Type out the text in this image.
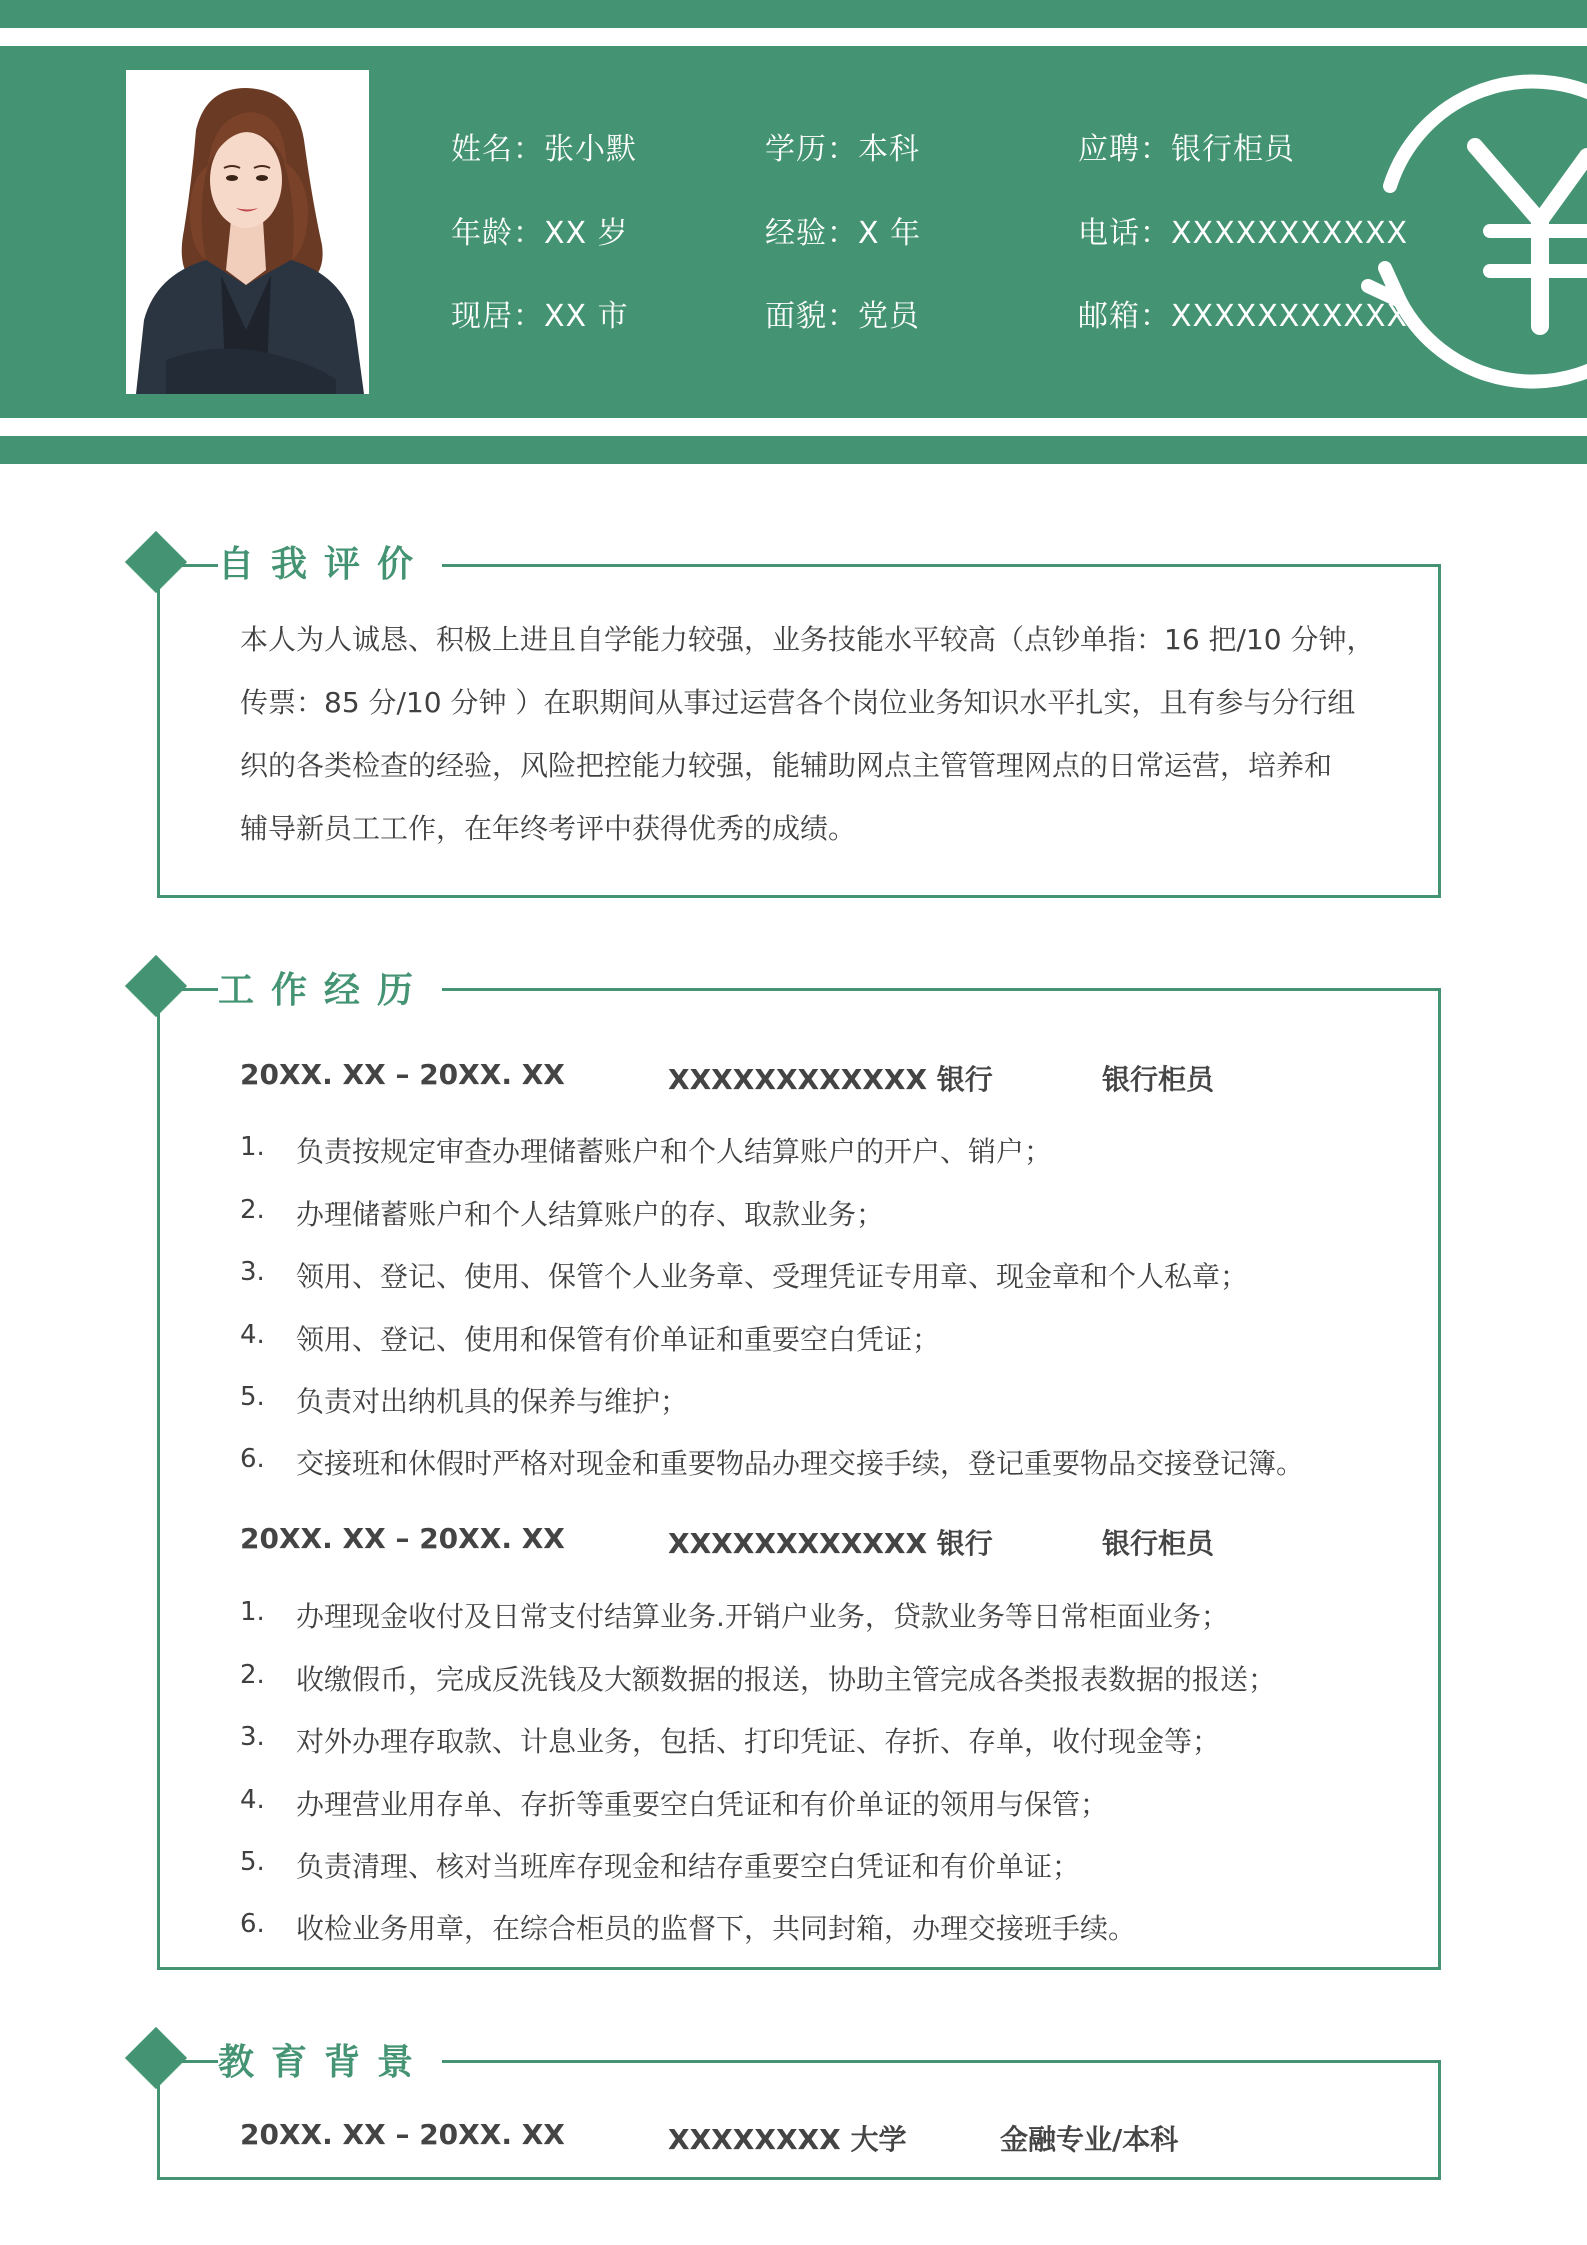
姓名：张小默	学历：本科	应聘：银行柜员
年龄：XX 岁	经验：X 年	电话：XXXXXXXXXXX
现居：XX 市	面貌：党员	邮箱：XXXXXXXXXXX
自我评价
本人为人诚恳、积极上进且自学能力较强，业务技能水平较高（点钞单指：16 把/10 分钟，
传票：85 分/10 分钟 ）在职期间从事过运营各个岗位业务知识水平扎实，且有参与分行组
织的各类检查的经验，风险把控能力较强，能辅助网点主管管理网点的日常运营，培养和
辅导新员工工作，在年终考评中获得优秀的成绩。
工作经历
20XX. XX – 20XX. XX	XXXXXXXXXXXX 银行	银行柜员
1. 负责按规定审查办理储蓄账户和个人结算账户的开户、销户；
2. 办理储蓄账户和个人结算账户的存、取款业务；
3. 领用、登记、使用、保管个人业务章、受理凭证专用章、现金章和个人私章；
4. 领用、登记、使用和保管有价单证和重要空白凭证；
5. 负责对出纳机具的保养与维护；
6. 交接班和休假时严格对现金和重要物品办理交接手续，登记重要物品交接登记簿。
20XX. XX – 20XX. XX	XXXXXXXXXXXX 银行	银行柜员
1. 办理现金收付及日常支付结算业务.开销户业务，贷款业务等日常柜面业务；
2. 收缴假币，完成反洗钱及大额数据的报送，协助主管完成各类报表数据的报送；
3. 对外办理存取款、计息业务，包括、打印凭证、存折、存单，收付现金等；
4. 办理营业用存单、存折等重要空白凭证和有价单证的领用与保管；
5. 负责清理、核对当班库存现金和结存重要空白凭证和有价单证；
6. 收检业务用章，在综合柜员的监督下，共同封箱，办理交接班手续。
教育背景
20XX. XX – 20XX. XX	XXXXXXXX 大学	金融专业/本科
